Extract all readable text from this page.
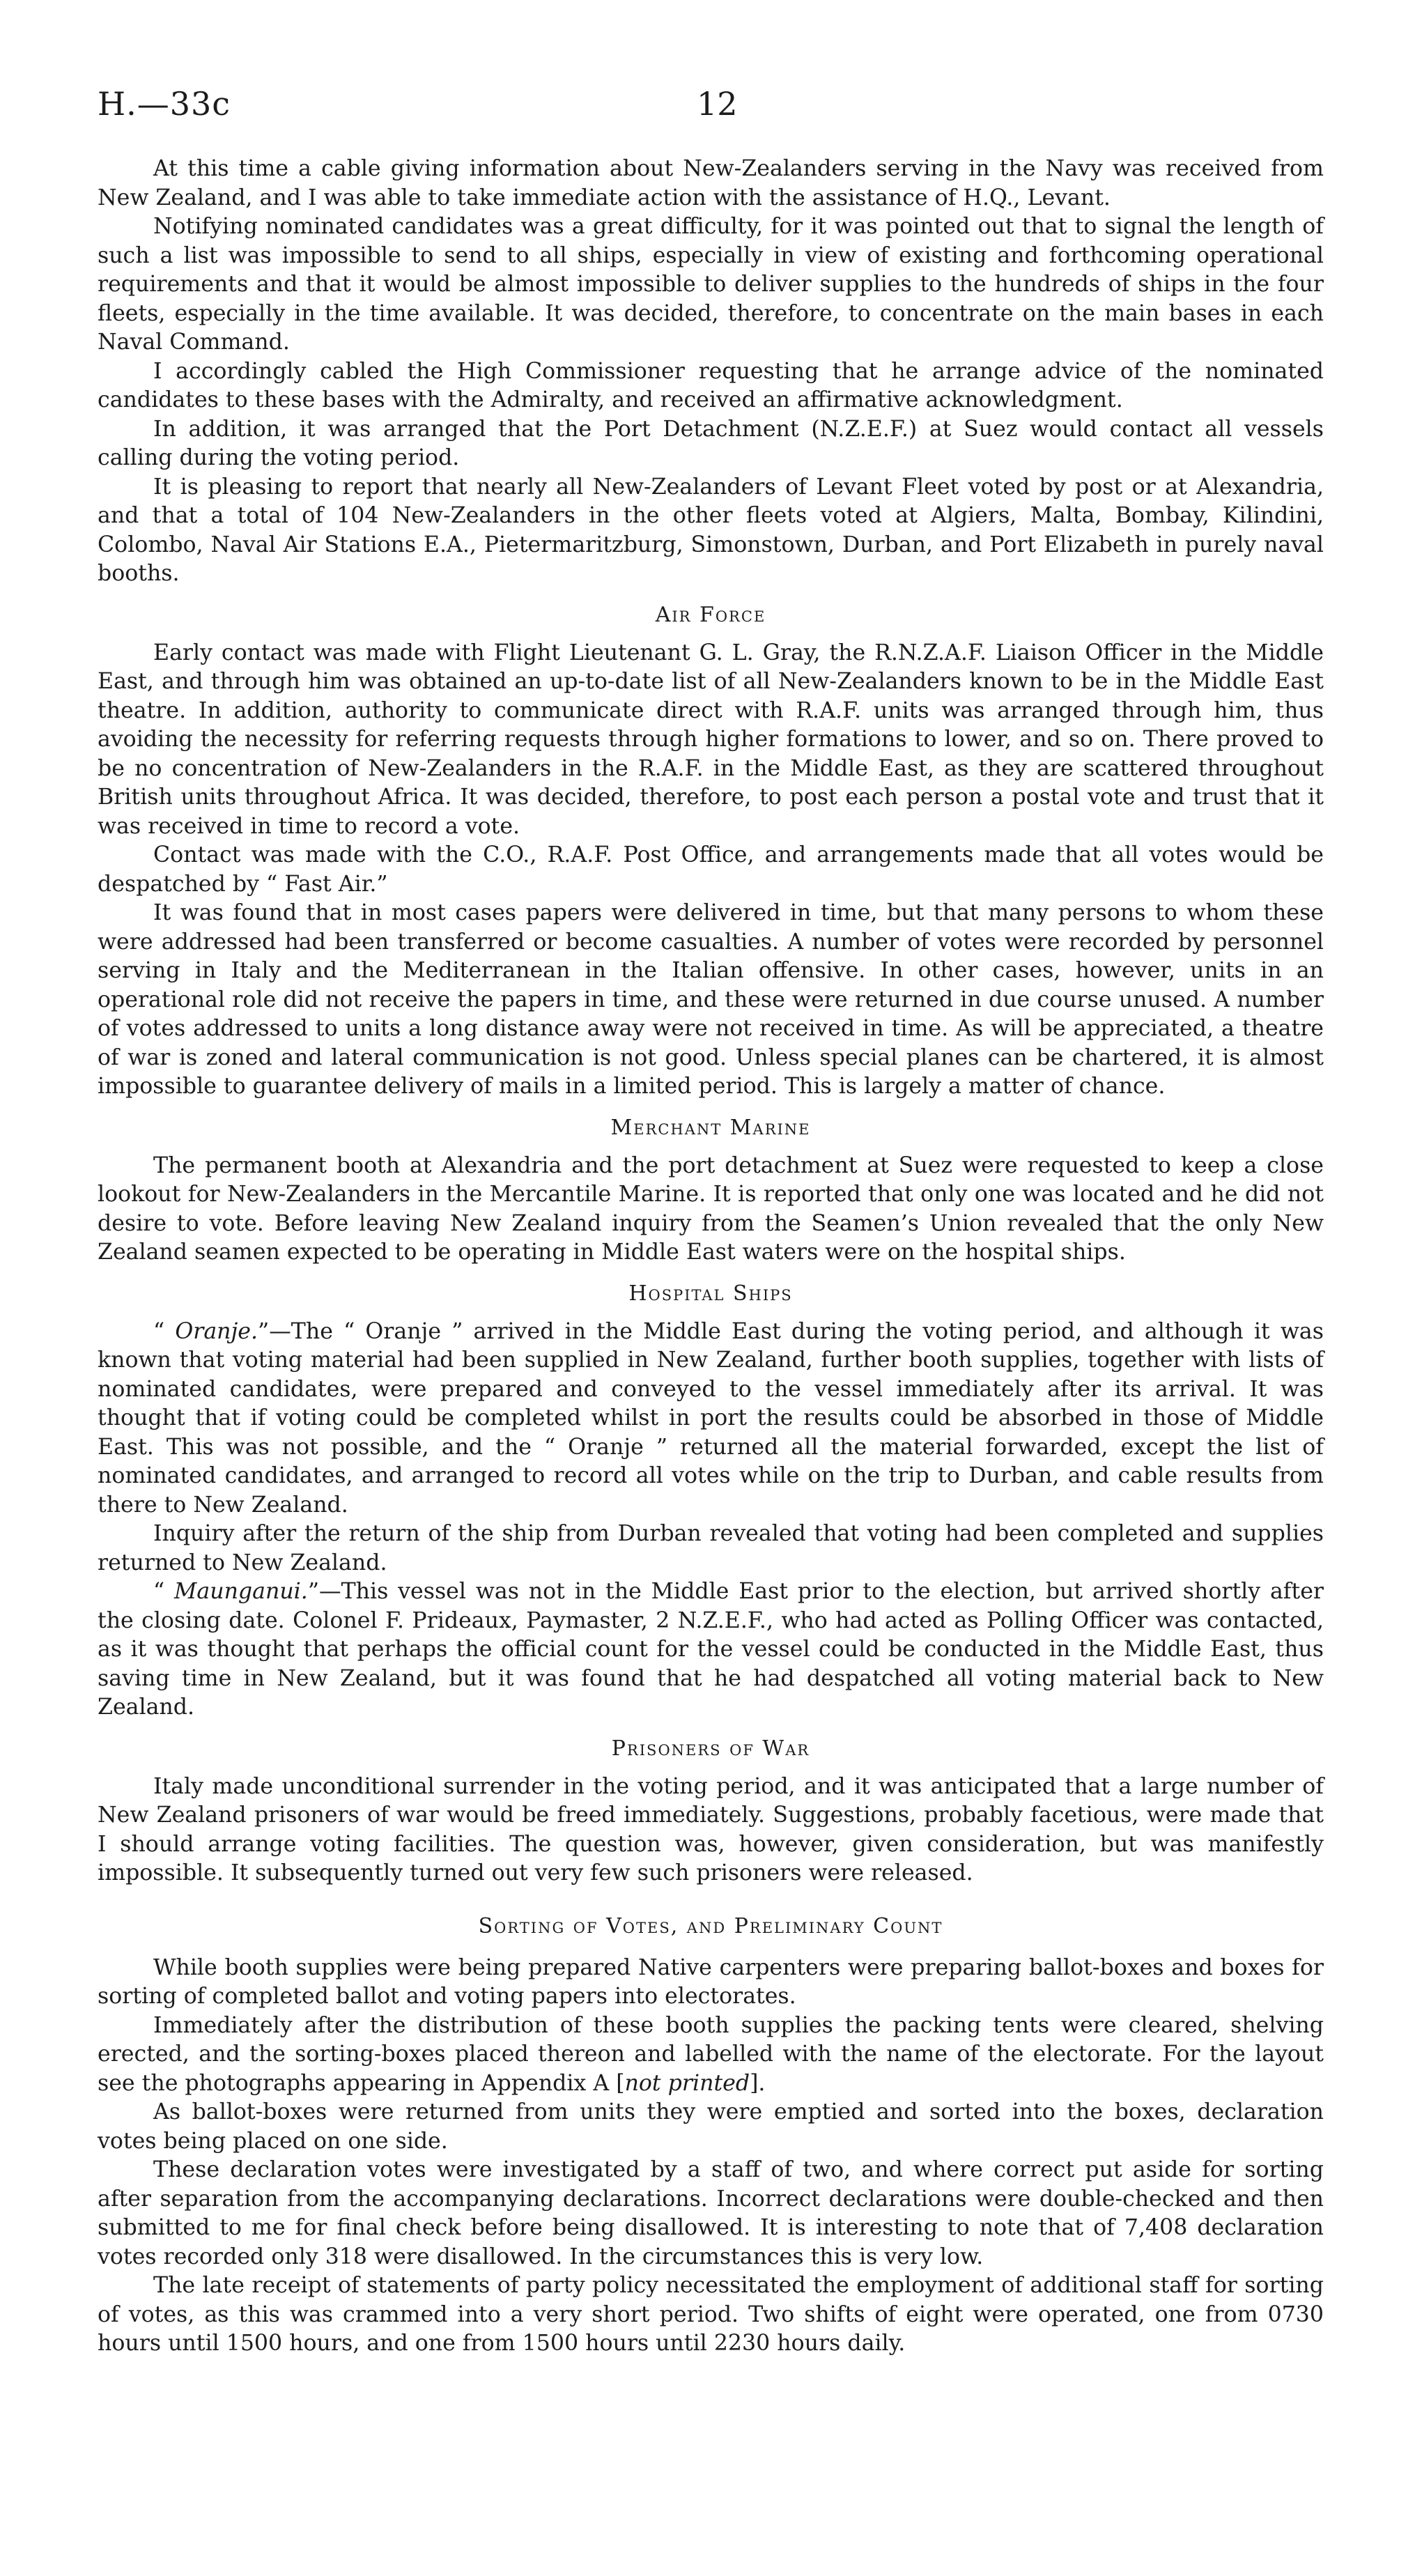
H.—33c	12

At this time a cable giving information about New-Zealanders serving in the Navy was received from New Zealand, and I was able to take immediate action with the assistance of H.Q., Levant.

Notifying nominated candidates was a great difficulty, for it was pointed out that to signal the length of such a list was impossible to send to all ships, especially in view of existing and forthcoming operational requirements and that it would be almost impossible to deliver supplies to the hundreds of ships in the four fleets, especially in the time available. It was decided, therefore, to concentrate on the main bases in each Naval Command.

I accordingly cabled the High Commissioner requesting that he arrange advice of the nominated candidates to these bases with the Admiralty, and received an affirmative acknowledgment.

In addition, it was arranged that the Port Detachment (N.Z.E.F.) at Suez would contact all vessels calling during the voting period.

It is pleasing to report that nearly all New-Zealanders of Levant Fleet voted by post or at Alexandria, and that a total of 104 New-Zealanders in the other fleets voted at Algiers, Malta, Bombay, Kilindini, Colombo, Naval Air Stations E.A., Pietermaritzburg, Simonstown, Durban, and Port Elizabeth in purely naval booths.

Air Force

Early contact was made with Flight Lieutenant G. L. Gray, the R.N.Z.A.F. Liaison Officer in the Middle East, and through him was obtained an up-to-date list of all New-Zealanders known to be in the Middle East theatre. In addition, authority to communicate direct with R.A.F. units was arranged through him, thus avoiding the necessity for referring requests through higher formations to lower, and so on. There proved to be no concentration of New-Zealanders in the R.A.F. in the Middle East, as they are scattered throughout British units throughout Africa. It was decided, therefore, to post each person a postal vote and trust that it was received in time to record a vote.

Contact was made with the C.O., R.A.F. Post Office, and arrangements made that all votes would be despatched by “ Fast Air.”

It was found that in most cases papers were delivered in time, but that many persons to whom these were addressed had been transferred or become casualties. A number of votes were recorded by personnel serving in Italy and the Mediterranean in the Italian offensive. In other cases, however, units in an operational role did not receive the papers in time, and these were returned in due course unused. A number of votes addressed to units a long distance away were not received in time. As will be appreciated, a theatre of war is zoned and lateral communication is not good. Unless special planes can be chartered, it is almost impossible to guarantee delivery of mails in a limited period. This is largely a matter of chance.

Merchant Marine

The permanent booth at Alexandria and the port detachment at Suez were requested to keep a close lookout for New-Zealanders in the Mercantile Marine. It is reported that only one was located and he did not desire to vote. Before leaving New Zealand inquiry from the Seamen’s Union revealed that the only New Zealand seamen expected to be operating in Middle East waters were on the hospital ships.

Hospital Ships

“ Oranje.”—The “ Oranje ” arrived in the Middle East during the voting period, and although it was known that voting material had been supplied in New Zealand, further booth supplies, together with lists of nominated candidates, were prepared and conveyed to the vessel immediately after its arrival. It was thought that if voting could be completed whilst in port the results could be absorbed in those of Middle East. This was not possible, and the “ Oranje ” returned all the material forwarded, except the list of nominated candidates, and arranged to record all votes while on the trip to Durban, and cable results from there to New Zealand.

Inquiry after the return of the ship from Durban revealed that voting had been completed and supplies returned to New Zealand.

“ Maunganui.”—This vessel was not in the Middle East prior to the election, but arrived shortly after the closing date. Colonel F. Prideaux, Paymaster, 2 N.Z.E.F., who had acted as Polling Officer was contacted, as it was thought that perhaps the official count for the vessel could be conducted in the Middle East, thus saving time in New Zealand, but it was found that he had despatched all voting material back to New Zealand.

Prisoners of War

Italy made unconditional surrender in the voting period, and it was anticipated that a large number of New Zealand prisoners of war would be freed immediately. Suggestions, probably facetious, were made that I should arrange voting facilities. The question was, however, given consideration, but was manifestly impossible. It subsequently turned out very few such prisoners were released.

Sorting of Votes, and Preliminary Count

While booth supplies were being prepared Native carpenters were preparing ballot-boxes and boxes for sorting of completed ballot and voting papers into electorates.

Immediately after the distribution of these booth supplies the packing tents were cleared, shelving erected, and the sorting-boxes placed thereon and labelled with the name of the electorate. For the layout see the photographs appearing in Appendix A [not printed].

As ballot-boxes were returned from units they were emptied and sorted into the boxes, declaration votes being placed on one side.

These declaration votes were investigated by a staff of two, and where correct put aside for sorting after separation from the accompanying declarations. Incorrect declarations were double-checked and then submitted to me for final check before being disallowed. It is interesting to note that of 7,408 declaration votes recorded only 318 were disallowed. In the circumstances this is very low.

The late receipt of statements of party policy necessitated the employment of additional staff for sorting of votes, as this was crammed into a very short period. Two shifts of eight were operated, one from 0730 hours until 1500 hours, and one from 1500 hours until 2230 hours daily.
